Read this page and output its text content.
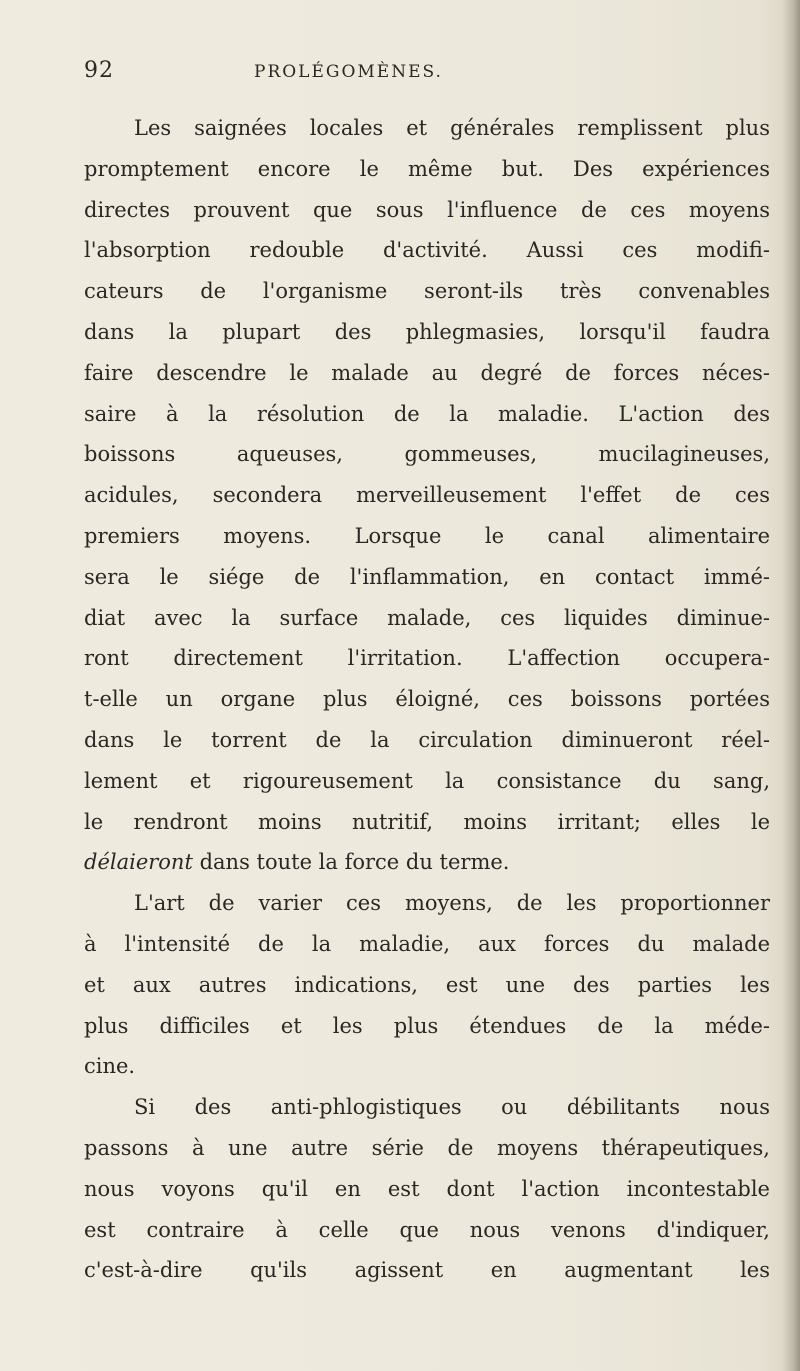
92	PROLÉGOMÈNES.
Les saignées locales et générales remplissent plus
promptement encore le même but. Des expériences
directes prouvent que sous l'influence de ces moyens
l'absorption redouble d'activité. Aussi ces modifi-
cateurs de l'organisme seront-ils très convenables
dans la plupart des phlegmasies, lorsqu'il faudra
faire descendre le malade au degré de forces néces-
saire à la résolution de la maladie. L'action des
boissons aqueuses, gommeuses, mucilagineuses,
acidules, secondera merveilleusement l'effet de ces
premiers moyens. Lorsque le canal alimentaire
sera le siége de l'inflammation, en contact immé-
diat avec la surface malade, ces liquides diminue-
ront directement l'irritation. L'affection occupera-
t-elle un organe plus éloigné, ces boissons portées
dans le torrent de la circulation diminueront réel-
lement et rigoureusement la consistance du sang,
le rendront moins nutritif, moins irritant; elles le
délaieront dans toute la force du terme.
L'art de varier ces moyens, de les proportionner
à l'intensité de la maladie, aux forces du malade
et aux autres indications, est une des parties les
plus difficiles et les plus étendues de la méde-
cine.
Si des anti-phlogistiques ou débilitants nous
passons à une autre série de moyens thérapeutiques,
nous voyons qu'il en est dont l'action incontestable
est contraire à celle que nous venons d'indiquer,
c'est-à-dire qu'ils agissent en augmentant les
